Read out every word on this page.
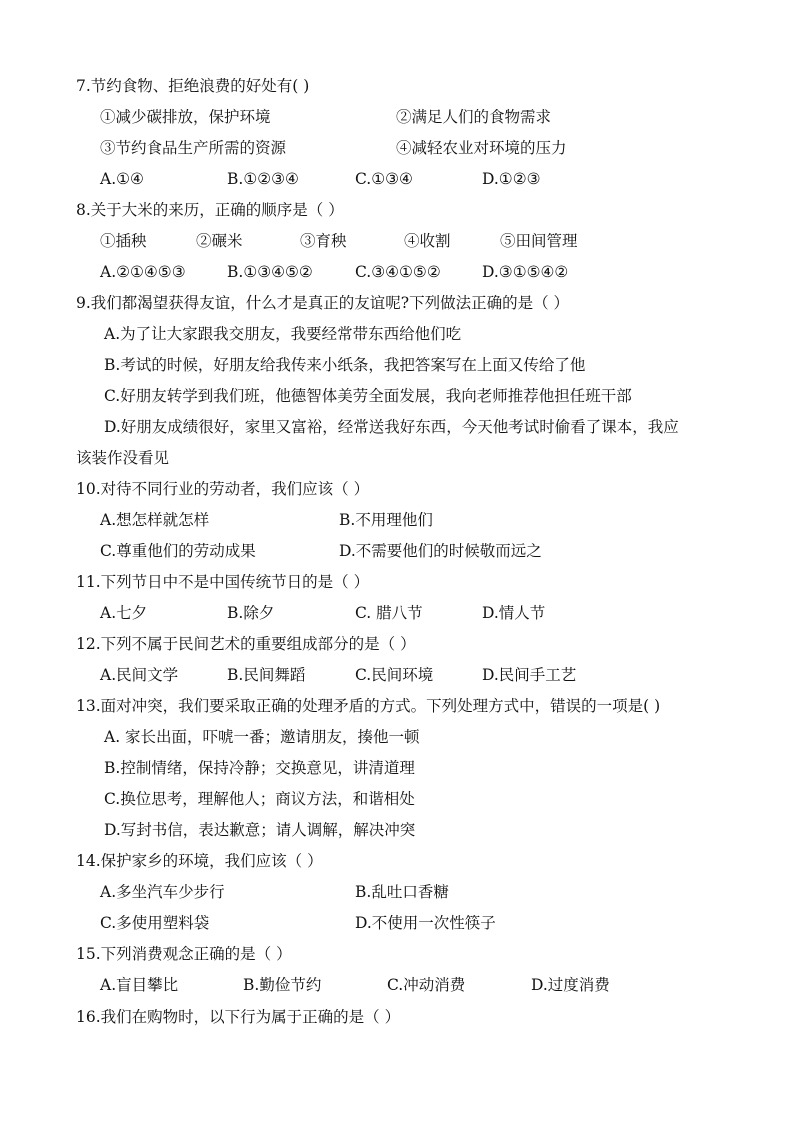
7.节约食物、拒绝浪费的好处有( )
①减少碳排放，保护环境	②满足人们的食物需求
③节约食品生产所需的资源	④减轻农业对环境的压力
A.①④	B.①②③④	C.①③④	D.①②③
8.关于大米的来历，正确的顺序是（ ）
①插秧	②碾米	③育秧	④收割	⑤田间管理
A.②①④⑤③	B.①③④⑤②	C.③④①⑤②	D.③①⑤④②
9.我们都渴望获得友谊，什么才是真正的友谊呢?下列做法正确的是（ ）
A.为了让大家跟我交朋友，我要经常带东西给他们吃
B.考试的时候，好朋友给我传来小纸条，我把答案写在上面又传给了他
C.好朋友转学到我们班，他德智体美劳全面发展，我向老师推荐他担任班干部
D.好朋友成绩很好，家里又富裕，经常送我好东西，今天他考试时偷看了课本，我应
该装作没看见
10.对待不同行业的劳动者，我们应该（ ）
A.想怎样就怎样	B.不用理他们
C.尊重他们的劳动成果	D.不需要他们的时候敬而远之
11.下列节日中不是中国传统节日的是（ ）
A.七夕	B.除夕	C. 腊八节	D.情人节
12.下列不属于民间艺术的重要组成部分的是（ ）
A.民间文学	B.民间舞蹈	C.民间环境	D.民间手工艺
13.面对冲突，我们要采取正确的处理矛盾的方式。下列处理方式中，错误的一项是( )
A. 家长出面，吓唬一番；邀请朋友，揍他一顿
B.控制情绪，保持冷静；交换意见，讲清道理
C.换位思考，理解他人；商议方法，和谐相处
D.写封书信，表达歉意；请人调解，解决冲突
14.保护家乡的环境，我们应该（ ）
A.多坐汽车少步行	B.乱吐口香糖
C.多使用塑料袋	D.不使用一次性筷子
15.下列消费观念正确的是（ ）
A.盲目攀比	B.勤俭节约	C.冲动消费	D.过度消费
16.我们在购物时，以下行为属于正确的是（ ）
